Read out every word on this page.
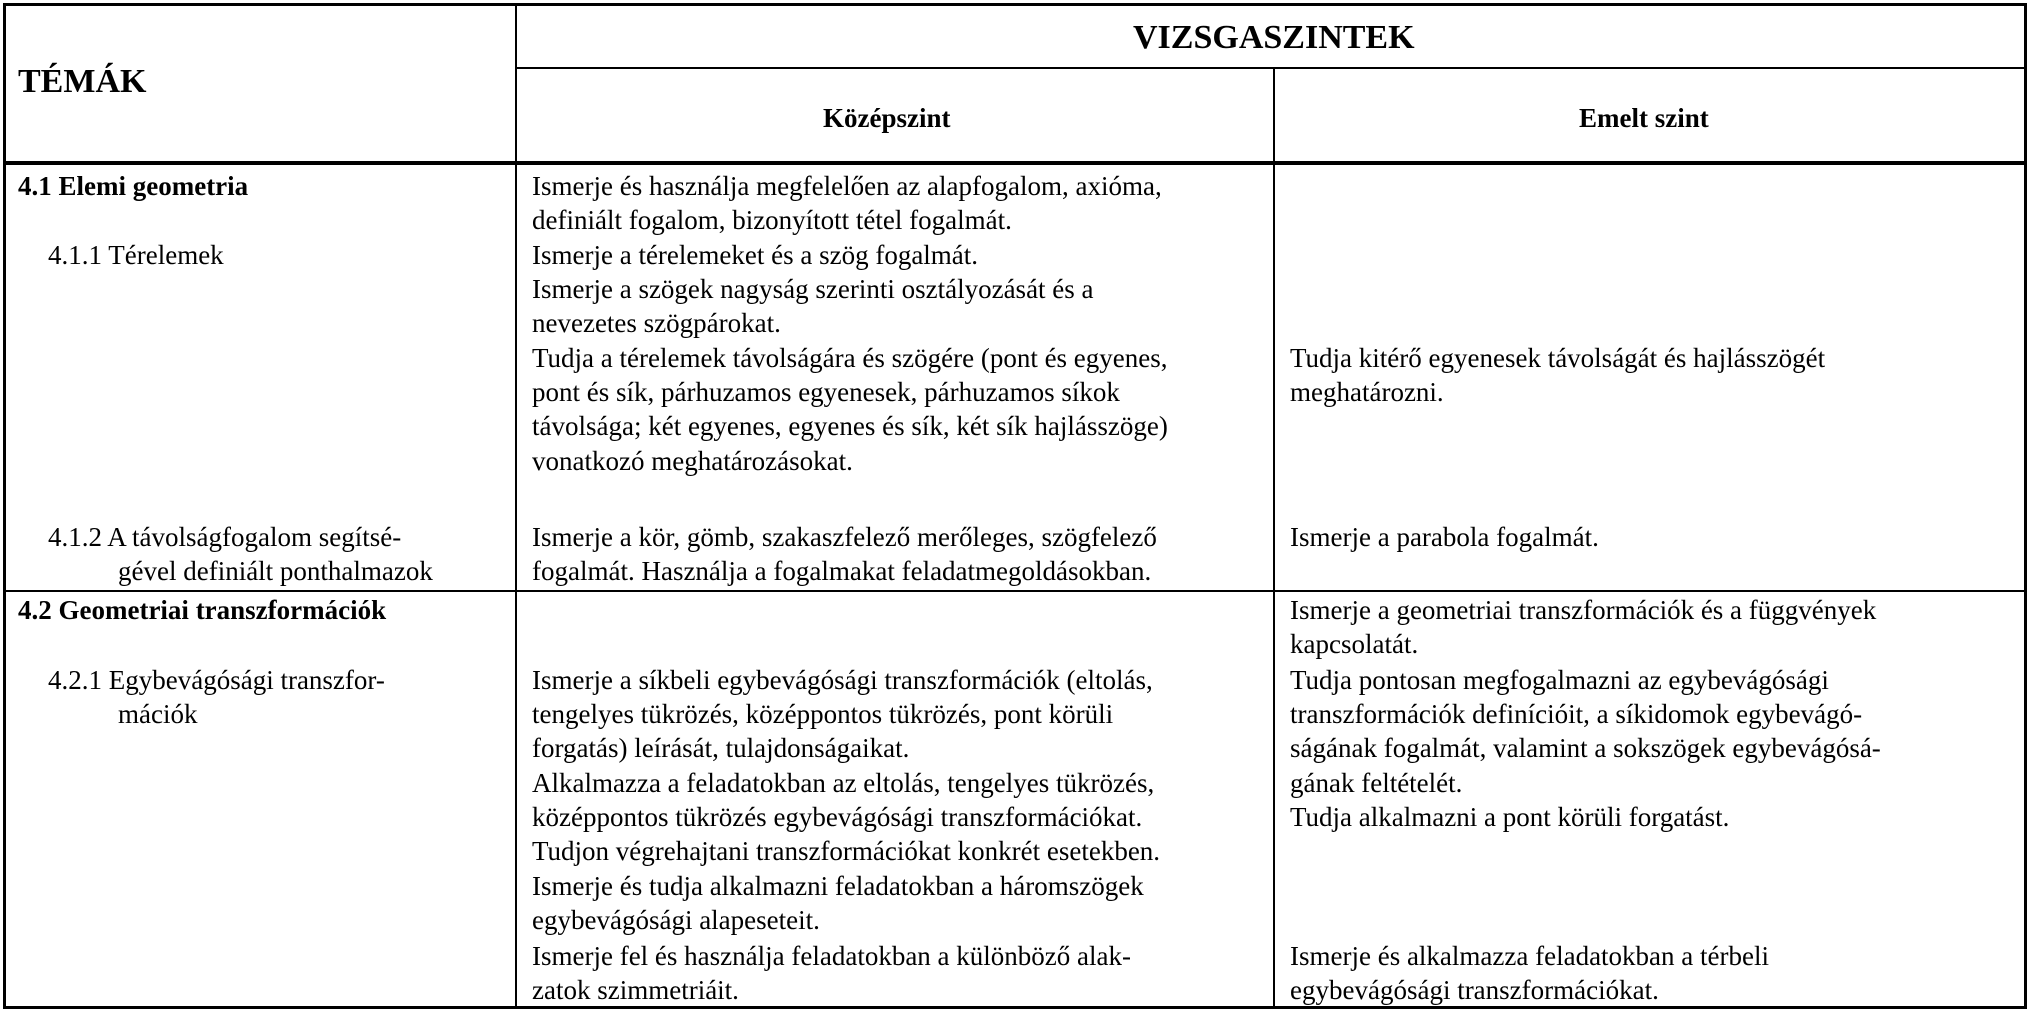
TÉMÁK
VIZSGASZINTEK
Középszint	Emelt szint
4.1 Elemi geometria
4.1.1 Térelemek
4.1.2 A távolságfogalom segítsé-
gével definiált ponthalmazok
Ismerje és használja megfelelően az alapfogalom, axióma,
definiált fogalom, bizonyított tétel fogalmát.
Ismerje a térelemeket és a szög fogalmát.
Ismerje a szögek nagyság szerinti osztályozását és a
nevezetes szögpárokat.
Tudja a térelemek távolságára és szögére (pont és egyenes,
pont és sík, párhuzamos egyenesek, párhuzamos síkok
távolsága; két egyenes, egyenes és sík, két sík hajlásszöge)
vonatkozó meghatározásokat.
Ismerje a kör, gömb, szakaszfelező merőleges, szögfelező
fogalmát. Használja a fogalmakat feladatmegoldásokban.
Tudja kitérő egyenesek távolságát és hajlásszögét
meghatározni.
Ismerje a parabola fogalmát.
4.2 Geometriai transzformációk
4.2.1 Egybevágósági transzfor-
mációk
Ismerje a geometriai transzformációk és a függvények
kapcsolatát.
Ismerje a síkbeli egybevágósági transzformációk (eltolás,
tengelyes tükrözés, középpontos tükrözés, pont körüli
forgatás) leírását, tulajdonságaikat.
Alkalmazza a feladatokban az eltolás, tengelyes tükrözés,
középpontos tükrözés egybevágósági transzformációkat.
Tudjon végrehajtani transzformációkat konkrét esetekben.
Ismerje és tudja alkalmazni feladatokban a háromszögek
egybevágósági alapeseteit.
Ismerje fel és használja feladatokban a különböző alak-
zatok szimmetriáit.
Tudja pontosan megfogalmazni az egybevágósági
transzformációk definícióit, a síkidomok egybevágó-
ságának fogalmát, valamint a sokszögek egybevágósá-
gának feltételét.
Tudja alkalmazni a pont körüli forgatást.
Ismerje és alkalmazza feladatokban a térbeli
egybevágósági transzformációkat.
